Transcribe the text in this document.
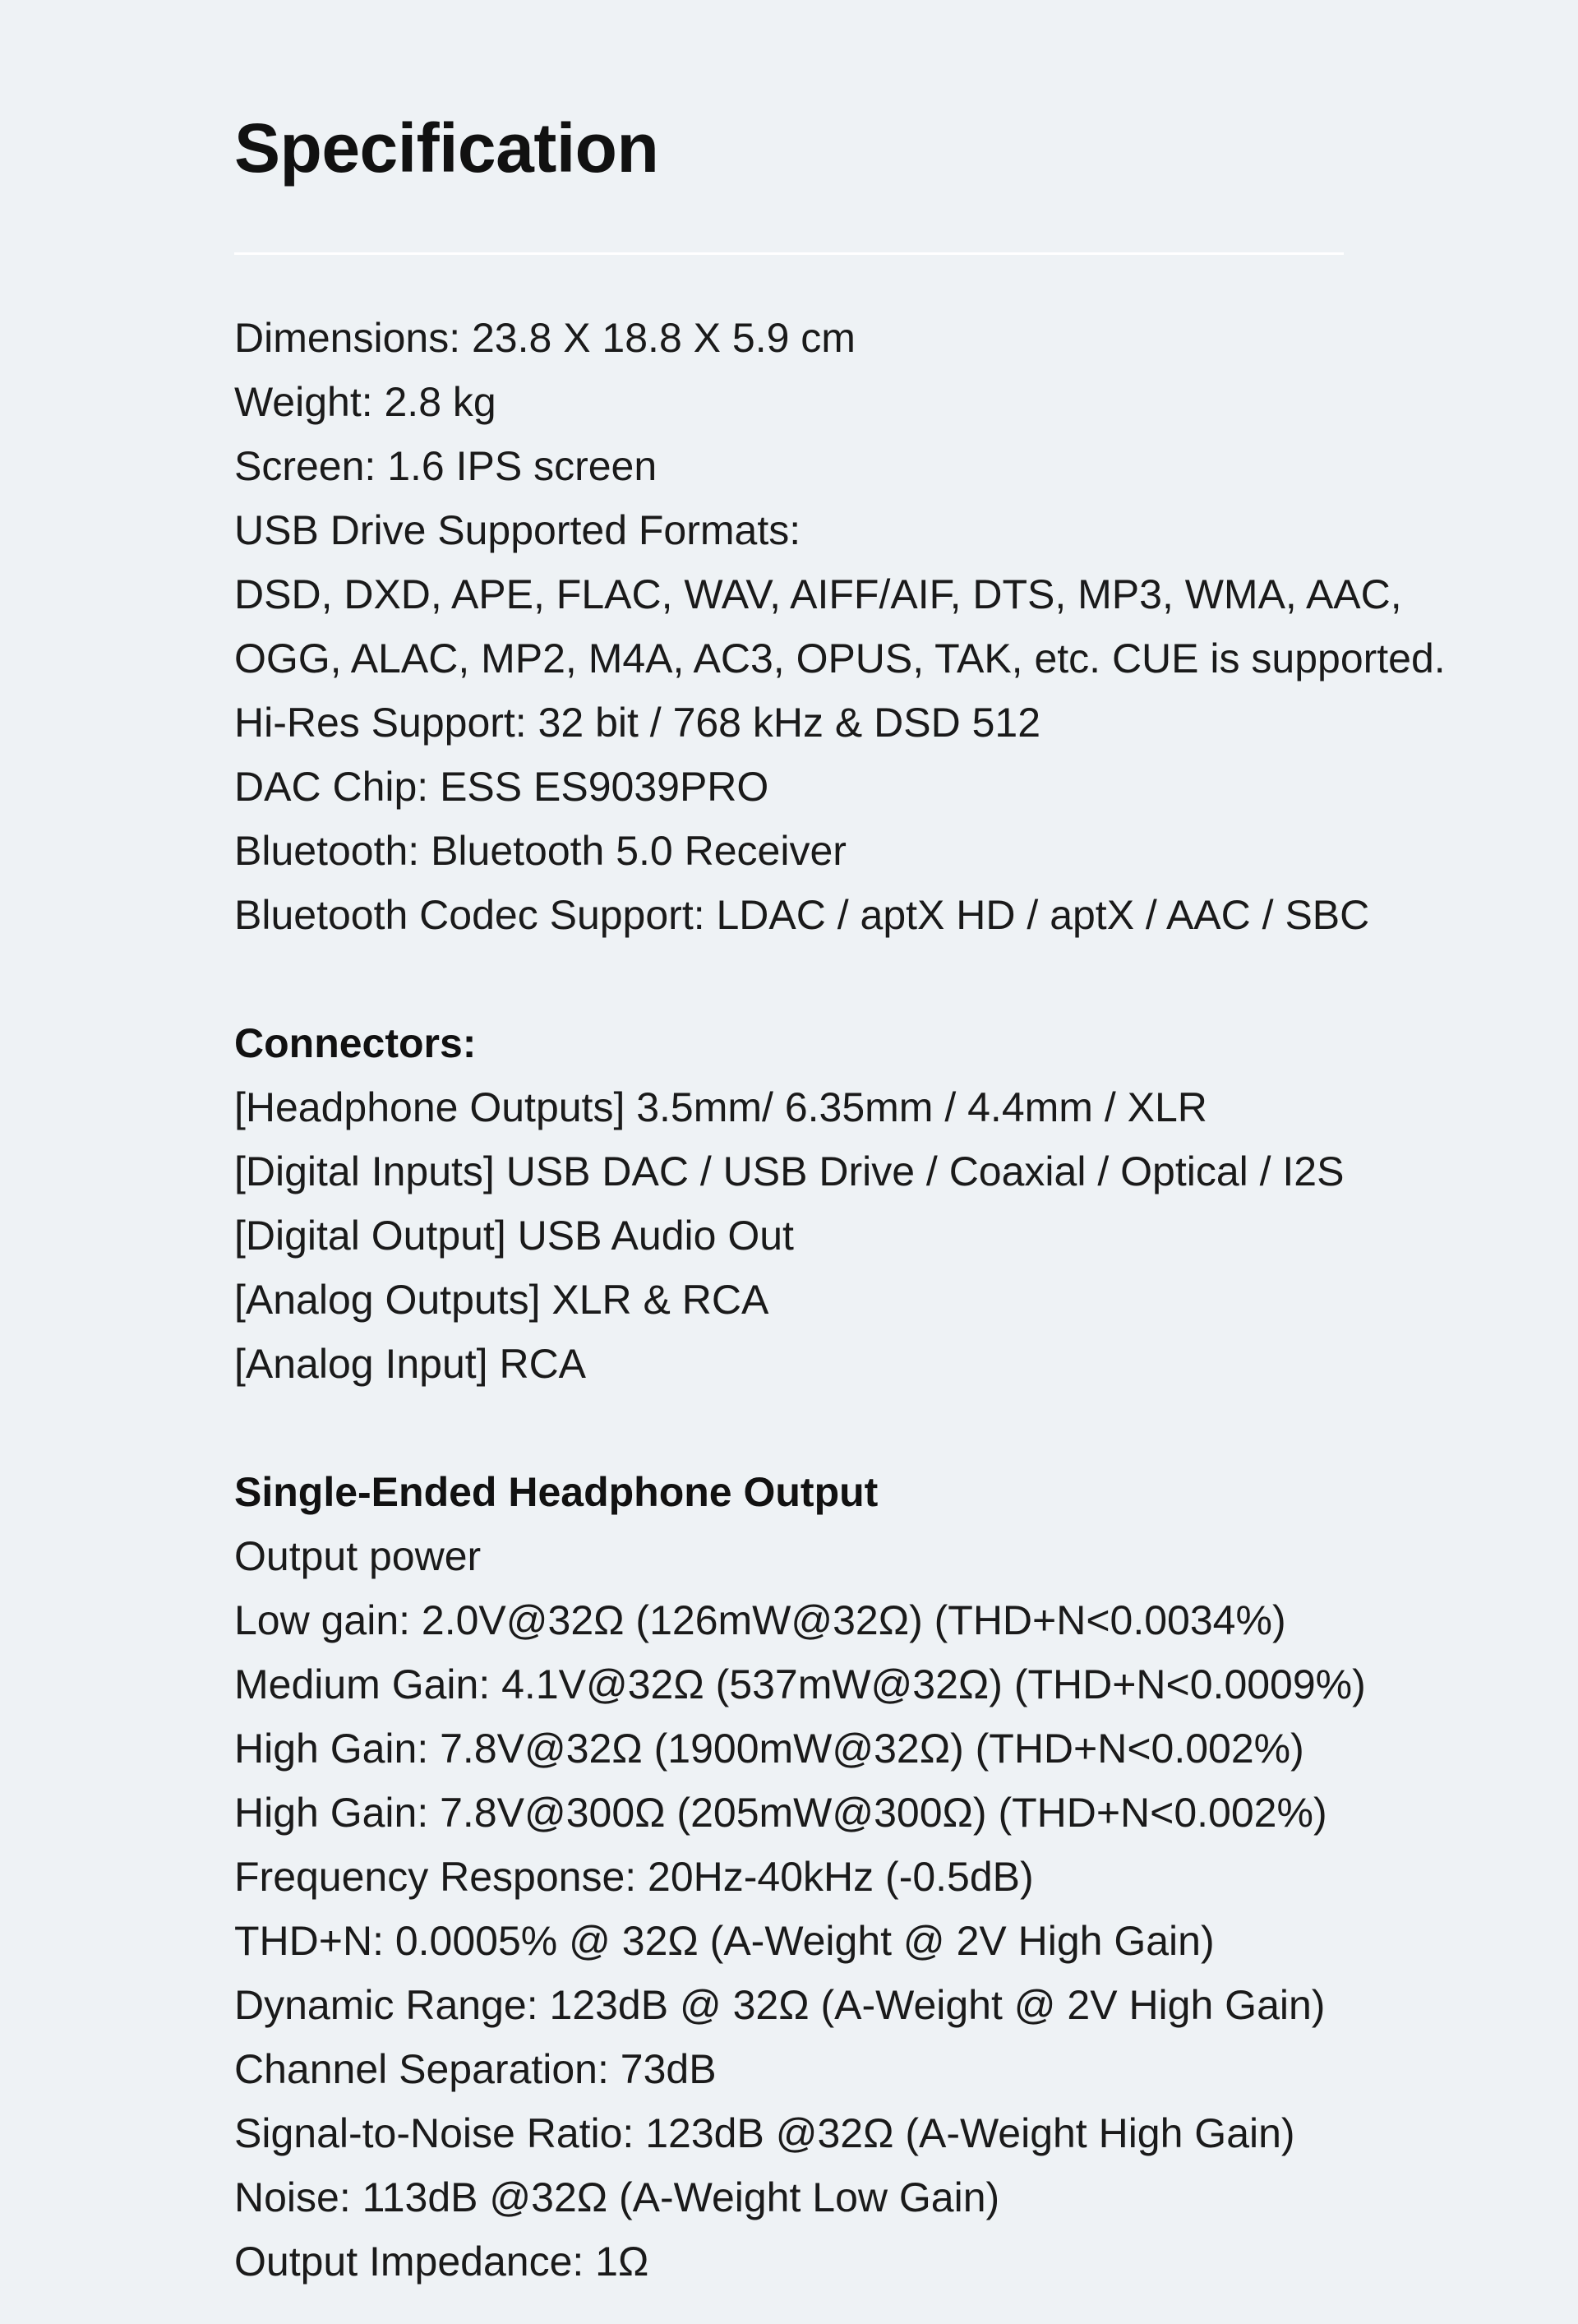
Specification
Dimensions: 23.8 X 18.8 X 5.9 cm
Weight: 2.8 kg
Screen: 1.6 IPS screen
USB Drive Supported Formats:
DSD, DXD, APE, FLAC, WAV, AIFF/AIF, DTS, MP3, WMA, AAC,
OGG, ALAC, MP2, M4A, AC3, OPUS, TAK, etc. CUE is supported.
Hi-Res Support: 32 bit / 768 kHz & DSD 512
DAC Chip: ESS ES9039PRO
Bluetooth: Bluetooth 5.0 Receiver
Bluetooth Codec Support: LDAC / aptX HD / aptX / AAC / SBC
Connectors:
[Headphone Outputs] 3.5mm/ 6.35mm / 4.4mm / XLR
[Digital Inputs] USB DAC / USB Drive / Coaxial / Optical / I2S
[Digital Output] USB Audio Out
[Analog Outputs] XLR & RCA
[Analog Input] RCA
Single-Ended Headphone Output
Output power
Low gain: 2.0V@32Ω (126mW@32Ω) (THD+N<0.0034%)
Medium Gain: 4.1V@32Ω (537mW@32Ω) (THD+N<0.0009%)
High Gain: 7.8V@32Ω (1900mW@32Ω) (THD+N<0.002%)
High Gain: 7.8V@300Ω (205mW@300Ω) (THD+N<0.002%)
Frequency Response: 20Hz-40kHz (-0.5dB)
THD+N: 0.0005% @ 32Ω (A-Weight @ 2V High Gain)
Dynamic Range: 123dB @ 32Ω (A-Weight @ 2V High Gain)
Channel Separation: 73dB
Signal-to-Noise Ratio: 123dB @32Ω (A-Weight High Gain)
Noise: 113dB @32Ω (A-Weight Low Gain)
Output Impedance: 1Ω
